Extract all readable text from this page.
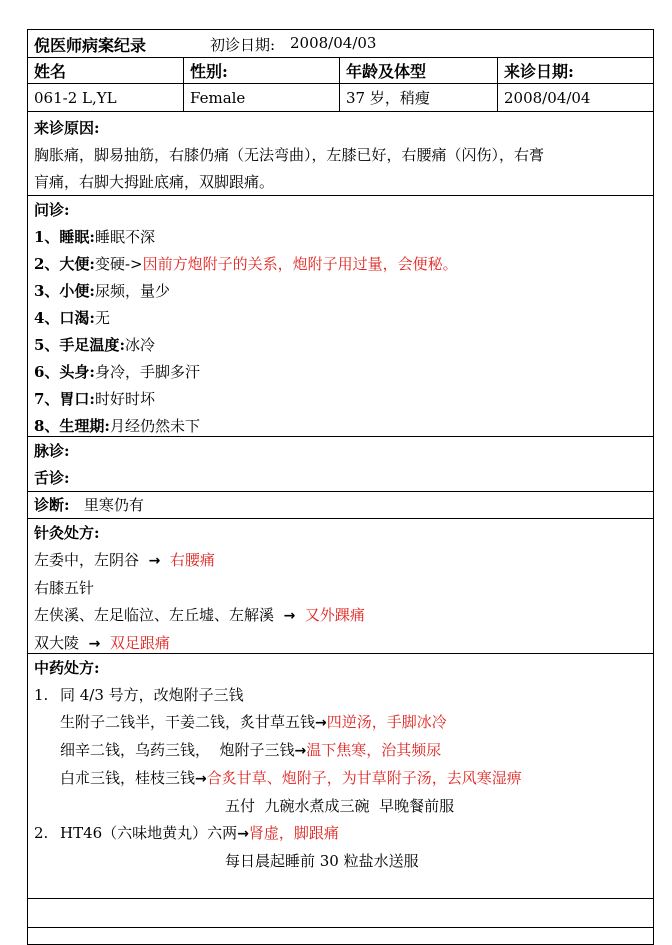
倪医师病案纪录	初诊日期: 2008/04/03
姓名	性别:	年龄及体型	来诊日期:
061-2 L,YL	Female	37 岁，稍瘦	2008/04/04
来诊原因:
胸胀痛，脚易抽筋，右膝仍痛（无法弯曲），左膝已好，右腰痛（闪伤），右膏
肓痛，右脚大拇趾底痛，双脚跟痛。
问诊:
1、睡眠:睡眠不深
2、大便:变硬->因前方炮附子的关系，炮附子用过量，会便秘。
3、小便:尿频，量少
4、口渴:无
5、手足温度:冰冷
6、头身:身冷，手脚多汗
7、胃口:时好时坏
8、生理期:月经仍然未下
脉诊:
舌诊:
诊断: 里寒仍有
针灸处方:
左委中，左阴谷 → 右腰痛
右膝五针
左侠溪、左足临泣、左丘墟、左解溪 → 又外踝痛
双大陵 → 双足跟痛
中药处方:
1. 同 4/3 号方，改炮附子三钱
生附子二钱半，干姜二钱，炙甘草五钱→四逆汤，手脚冰冷
细辛二钱，乌药三钱，  炮附子三钱→温下焦寒，治其频尿
白朮三钱，桂枝三钱→合炙甘草、炮附子，为甘草附子汤，去风寒湿痹
五付  九碗水煮成三碗  早晚餐前服
2. HT46（六味地黄丸）六两→肾虚，脚跟痛
每日晨起睡前 30 粒盐水送服
